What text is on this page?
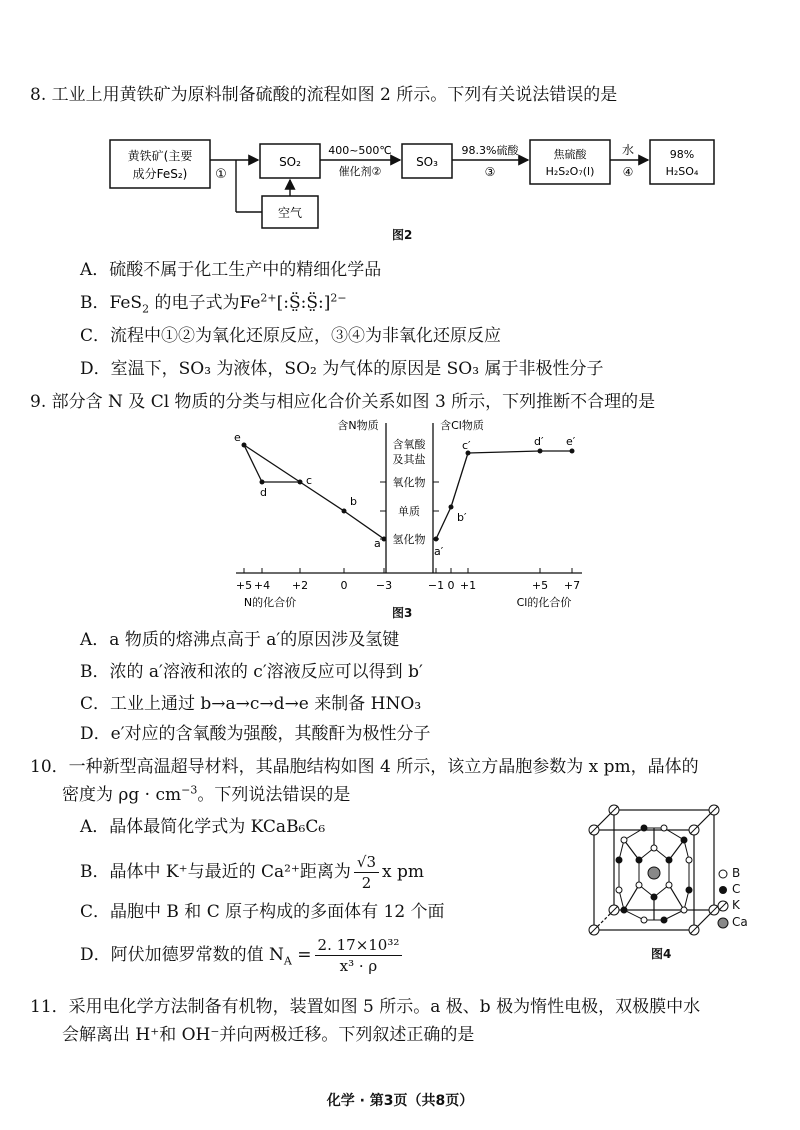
8. 工业上用黄铁矿为原料制备硫酸的流程如图 2 所示。下列有关说法错误的是
黄铁矿(主要
成分FeS₂) ①
空气
SO₂
400~500℃
催化剂②
SO₃
98.3%硫酸
③
焦硫酸
H₂S₂O₇(l)
水
④
98%
H₂SO₄
图2
A．硫酸不属于化工生产中的精细化学品
B．FeS$_2$ 的电子式为$Fe^{2+}[:S̤̈:S̤̈:]^{2-}$
C．流程中①②为氧化还原反应，③④为非氧化还原反应
D．室温下，SO₃ 为液体，SO₂ 为气体的原因是 SO₃ 属于非极性分子
9. 部分含 N 及 Cl 物质的分类与相应化合价关系如图 3 所示，下列推断不合理的是
+5 +4 +2	0	−3	−1 0 +1	+5 +7
含N物质	含Cl物质
含氧酸
及其盐
氧化物
单质
氢化物
a
b
c
d
e
a′
b′
c′	d′ e′
N的化合价	Cl的化合价
图3
A．a 物质的熔沸点高于 a′的原因涉及氢键
B．浓的 a′溶液和浓的 c′溶液反应可以得到 b′
C．工业上通过 b→a→c→d→e 来制备 HNO₃
D．e′对应的含氧酸为强酸，其酸酐为极性分子
10．一种新型高温超导材料，其晶胞结构如图 4 所示，该立方晶胞参数为 x pm，晶体的
密度为 $\rho g \cdot cm^{-3}$。下列说法错误的是
A．晶体最简化学式为 KCaB₆C₆
B．晶体中 K⁺与最近的 Ca²⁺距离为 $\frac{√3}{2}$ x pm
C．晶胞中 B 和 C 原子构成的多面体有 12 个面
D．阿伏加德罗常数的值 $N_A = \frac{\text{2. 17×10³²}}{\text{x³ · ρ}}$	图4
B
C
K
Ca
11．采用电化学方法制备有机物，装置如图 5 所示。a 极、b 极为惰性电极，双极膜中水
会解离出 H⁺和 OH⁻并向两极迁移。下列叙述正确的是
化学 · 第3页（共8页）
